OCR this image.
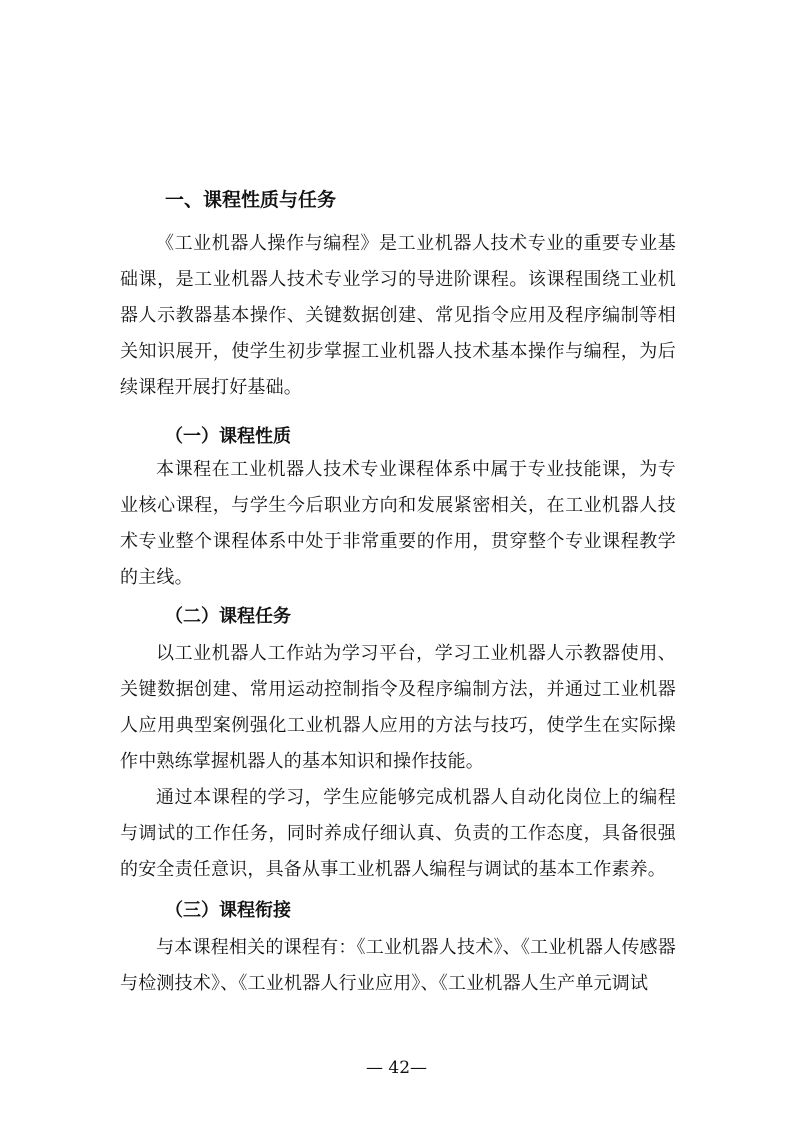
一、课程性质与任务

《工业机器人操作与编程》是工业机器人技术专业的重要专业基础课，是工业机器人技术专业学习的导进阶课程。该课程围绕工业机器人示教器基本操作、关键数据创建、常见指令应用及程序编制等相关知识展开，使学生初步掌握工业机器人技术基本操作与编程，为后续课程开展打好基础。

（一）课程性质

本课程在工业机器人技术专业课程体系中属于专业技能课，为专业核心课程，与学生今后职业方向和发展紧密相关，在工业机器人技术专业整个课程体系中处于非常重要的作用，贯穿整个专业课程教学的主线。

（二）课程任务

以工业机器人工作站为学习平台，学习工业机器人示教器使用、关键数据创建、常用运动控制指令及程序编制方法，并通过工业机器人应用典型案例强化工业机器人应用的方法与技巧，使学生在实际操作中熟练掌握机器人的基本知识和操作技能。

通过本课程的学习，学生应能够完成机器人自动化岗位上的编程与调试的工作任务，同时养成仔细认真、负责的工作态度，具备很强的安全责任意识，具备从事工业机器人编程与调试的基本工作素养。

（三）课程衔接

与本课程相关的课程有：《工业机器人技术》、《工业机器人传感器与检测技术》、《工业机器人行业应用》、《工业机器人生产单元调试

— 42—
